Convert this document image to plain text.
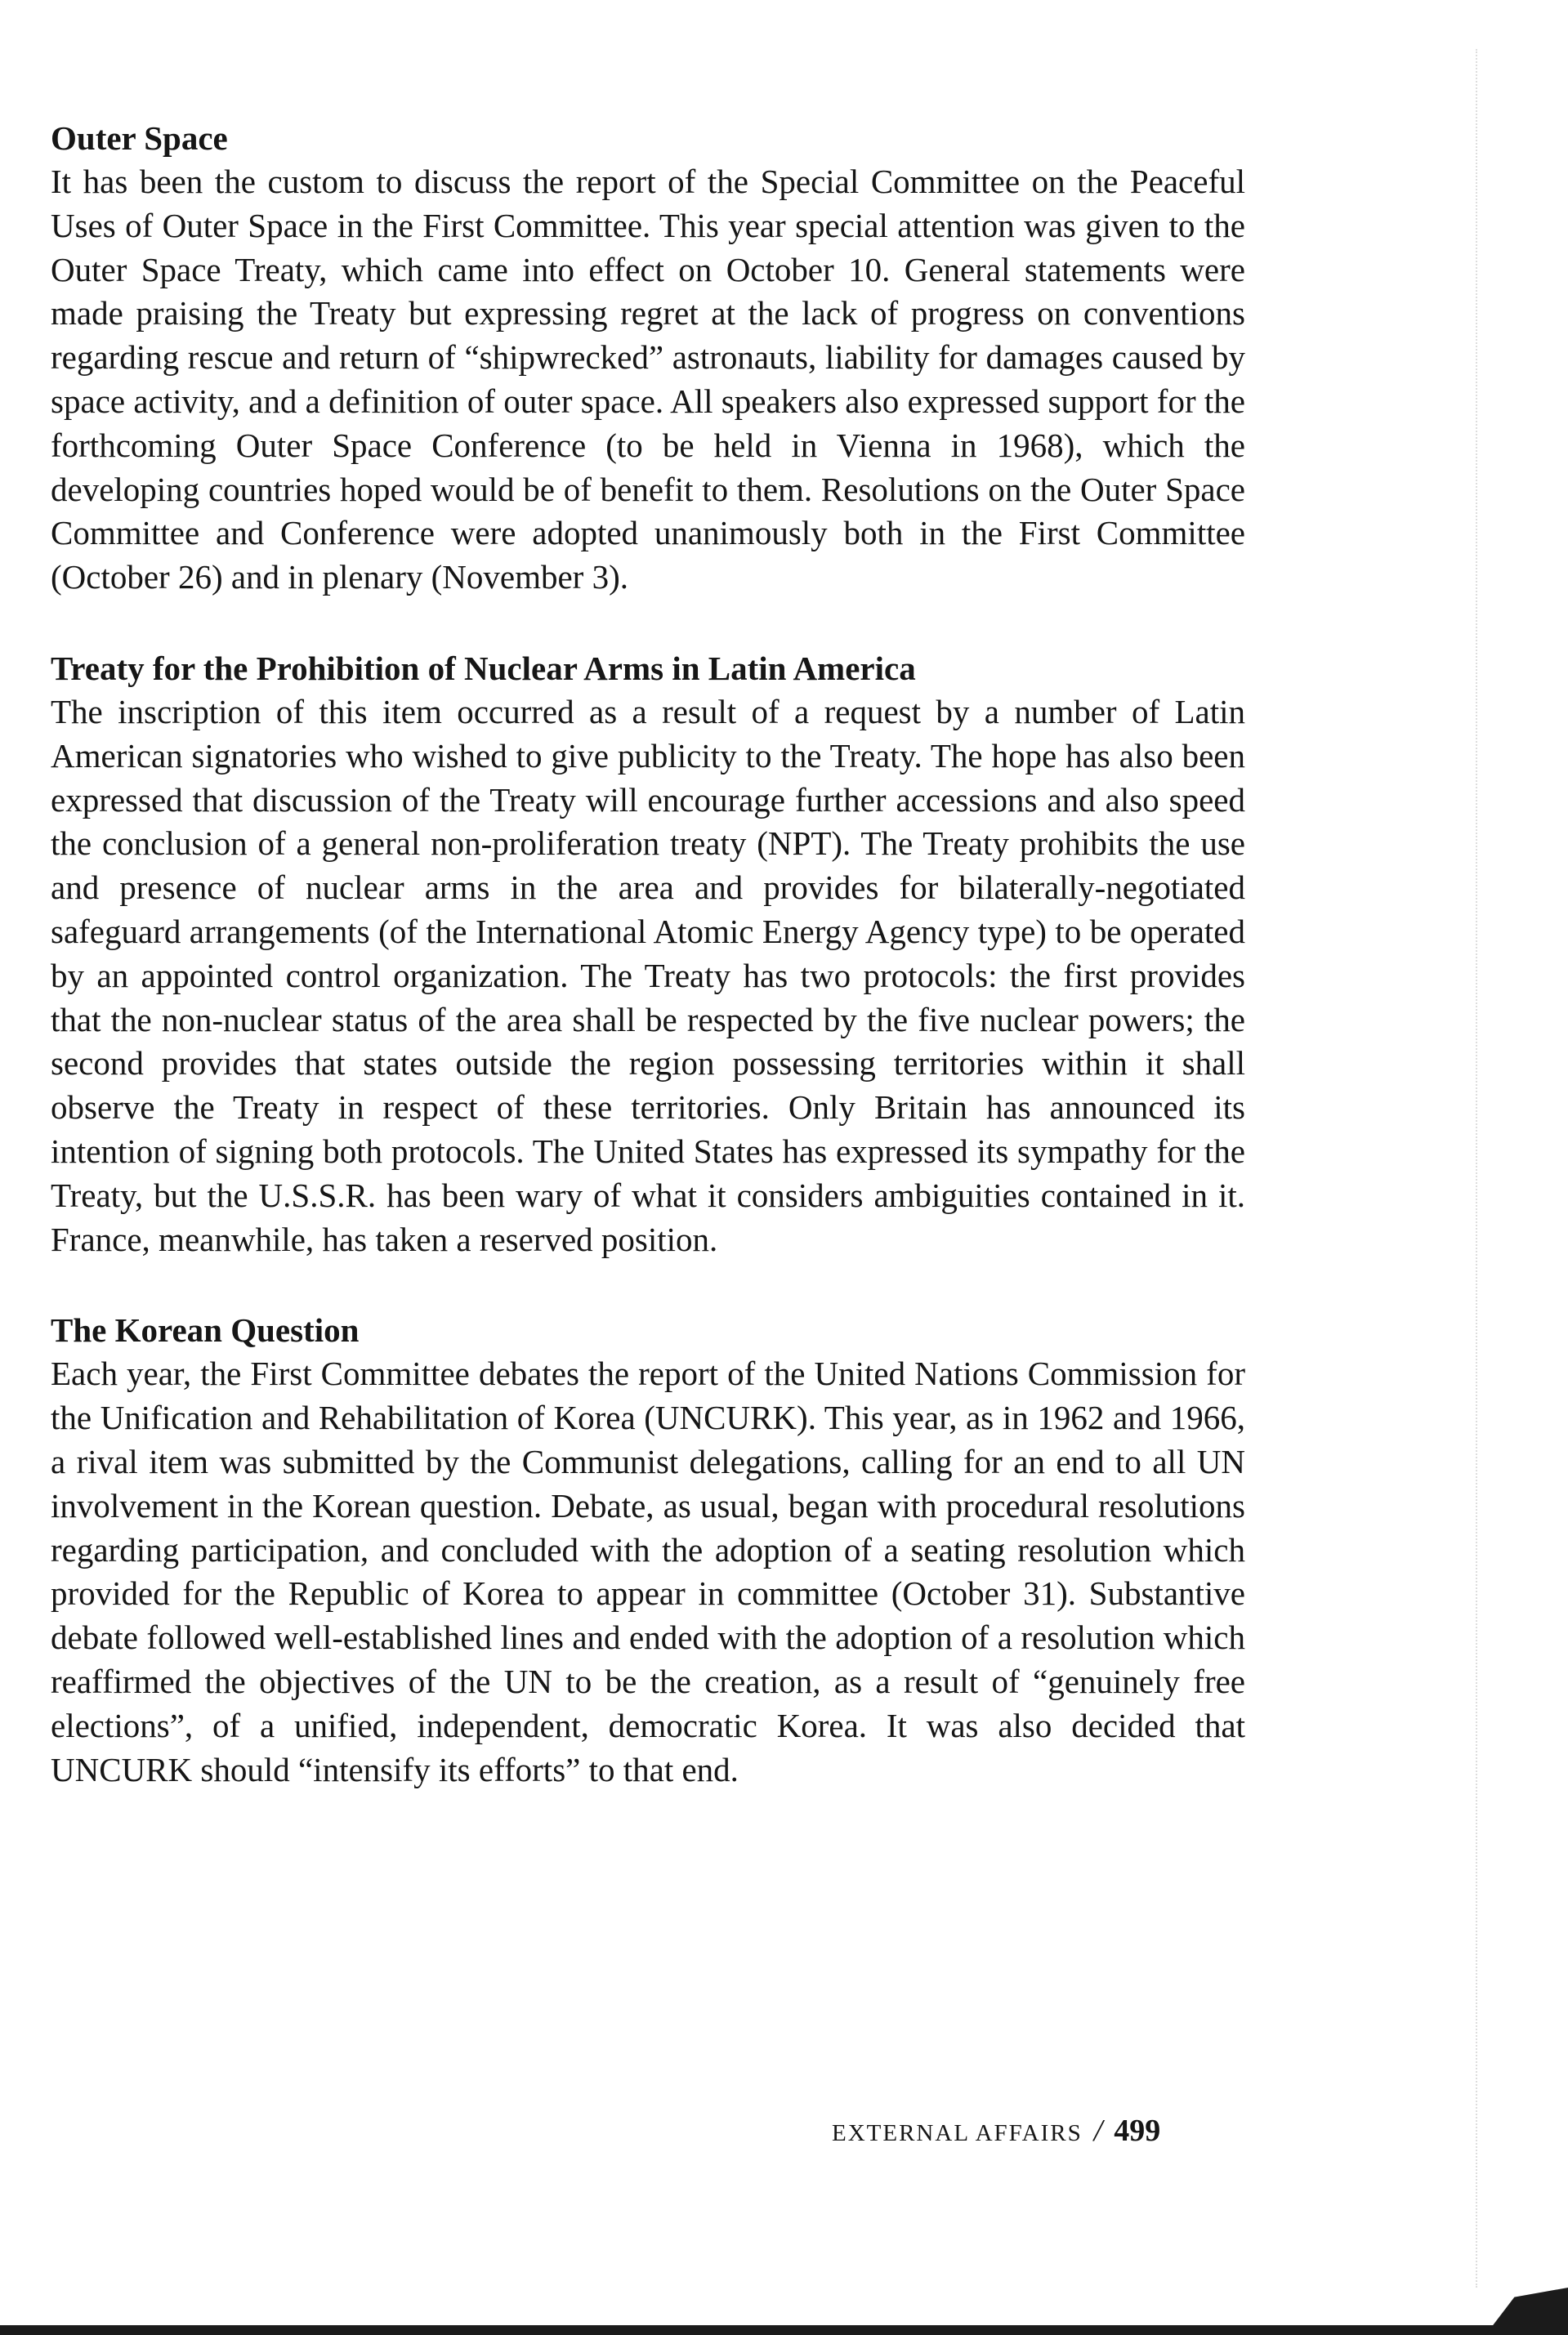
Outer Space

It has been the custom to discuss the report of the Special Committee on the Peaceful Uses of Outer Space in the First Committee. This year special attention was given to the Outer Space Treaty, which came into effect on October 10. General statements were made praising the Treaty but expressing regret at the lack of progress on conventions regarding rescue and return of “shipwrecked” astronauts, liability for damages caused by space activity, and a definition of outer space. All speakers also expressed support for the forthcoming Outer Space Conference (to be held in Vienna in 1968), which the developing countries hoped would be of benefit to them. Resolutions on the Outer Space Committee and Conference were adopted unanimously both in the First Committee (October 26) and in plenary (November 3).

Treaty for the Prohibition of Nuclear Arms in Latin America

The inscription of this item occurred as a result of a request by a number of Latin American signatories who wished to give publicity to the Treaty. The hope has also been expressed that discussion of the Treaty will encourage further accessions and also speed the conclusion of a general non-proliferation treaty (NPT). The Treaty prohibits the use and presence of nuclear arms in the area and provides for bilaterally-negotiated safeguard arrangements (of the International Atomic Energy Agency type) to be operated by an appointed control organization. The Treaty has two protocols: the first provides that the non-nuclear status of the area shall be respected by the five nuclear powers; the second provides that states outside the region possessing territories within it shall observe the Treaty in respect of these territories. Only Britain has announced its intention of signing both protocols. The United States has expressed its sympathy for the Treaty, but the U.S.S.R. has been wary of what it considers ambiguities contained in it. France, meanwhile, has taken a reserved position.

The Korean Question

Each year, the First Committee debates the report of the United Nations Commission for the Unification and Rehabilitation of Korea (UNCURK). This year, as in 1962 and 1966, a rival item was submitted by the Communist delegations, calling for an end to all UN involvement in the Korean question. Debate, as usual, began with procedural resolutions regarding participation, and concluded with the adoption of a seating resolution which provided for the Republic of Korea to appear in committee (October 31). Substantive debate followed well-established lines and ended with the adoption of a resolution which reaffirmed the objectives of the UN to be the creation, as a result of “genuinely free elections”, of a unified, independent, democratic Korea. It was also decided that UNCURK should “intensify its efforts” to that end.

EXTERNAL AFFAIRS / 499
